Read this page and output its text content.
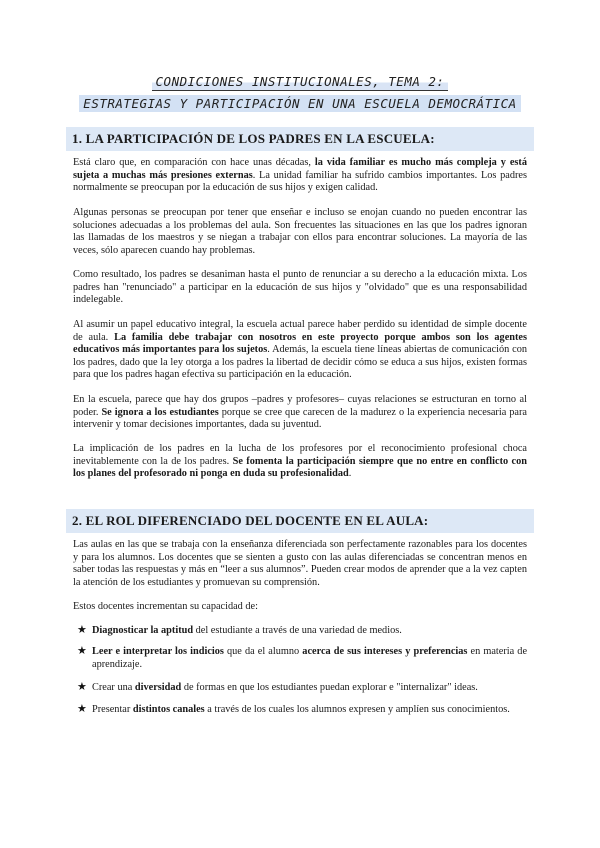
CONDICIONES INSTITUCIONALES, TEMA 2:
ESTRATEGIAS Y PARTICIPACIÓN EN UNA ESCUELA DEMOCRÁTICA
1. LA PARTICIPACIÓN DE LOS PADRES EN LA ESCUELA:

Está claro que, en comparación con hace unas décadas, la vida familiar es mucho más compleja y está sujeta a muchas más presiones externas. La unidad familiar ha sufrido cambios importantes. Los padres normalmente se preocupan por la educación de sus hijos y exigen calidad.

Algunas personas se preocupan por tener que enseñar e incluso se enojan cuando no pueden encontrar las soluciones adecuadas a los problemas del aula. Son frecuentes las situaciones en las que los padres ignoran las llamadas de los maestros y se niegan a trabajar con ellos para encontrar soluciones. La mayoría de las veces, sólo aparecen cuando hay problemas.

Como resultado, los padres se desaniman hasta el punto de renunciar a su derecho a la educación mixta. Los padres han "renunciado" a participar en la educación de sus hijos y "olvidado" que es una responsabilidad indelegable.

Al asumir un papel educativo integral, la escuela actual parece haber perdido su identidad de simple docente de aula. La familia debe trabajar con nosotros en este proyecto porque ambos son los agentes educativos más importantes para los sujetos. Además, la escuela tiene líneas abiertas de comunicación con los padres, dado que la ley otorga a los padres la libertad de decidir cómo se educa a sus hijos, existen formas para que los padres hagan efectiva su participación en la educación.

En la escuela, parece que hay dos grupos –padres y profesores– cuyas relaciones se estructuran en torno al poder. Se ignora a los estudiantes porque se cree que carecen de la madurez o la experiencia necesaria para intervenir y tomar decisiones importantes, dada su juventud.

La implicación de los padres en la lucha de los profesores por el reconocimiento profesional choca inevitablemente con la de los padres. Se fomenta la participación siempre que no entre en conflicto con los planes del profesorado ni ponga en duda su profesionalidad.

2. EL ROL DIFERENCIADO DEL DOCENTE EN EL AULA:

Las aulas en las que se trabaja con la enseñanza diferenciada son perfectamente razonables para los docentes y para los alumnos. Los docentes que se sienten a gusto con las aulas diferenciadas se concentran menos en saber todas las respuestas y más en “leer a sus alumnos”. Pueden crear modos de aprender que a la vez capten la atención de los estudiantes y promuevan su comprensión.

Estos docentes incrementan su capacidad de:

★ Diagnosticar la aptitud del estudiante a través de una variedad de medios.
★ Leer e interpretar los indicios que da el alumno acerca de sus intereses y preferencias en materia de aprendizaje.
★ Crear una diversidad de formas en que los estudiantes puedan explorar e "internalizar" ideas.
★ Presentar distintos canales a través de los cuales los alumnos expresen y amplíen sus conocimientos.
